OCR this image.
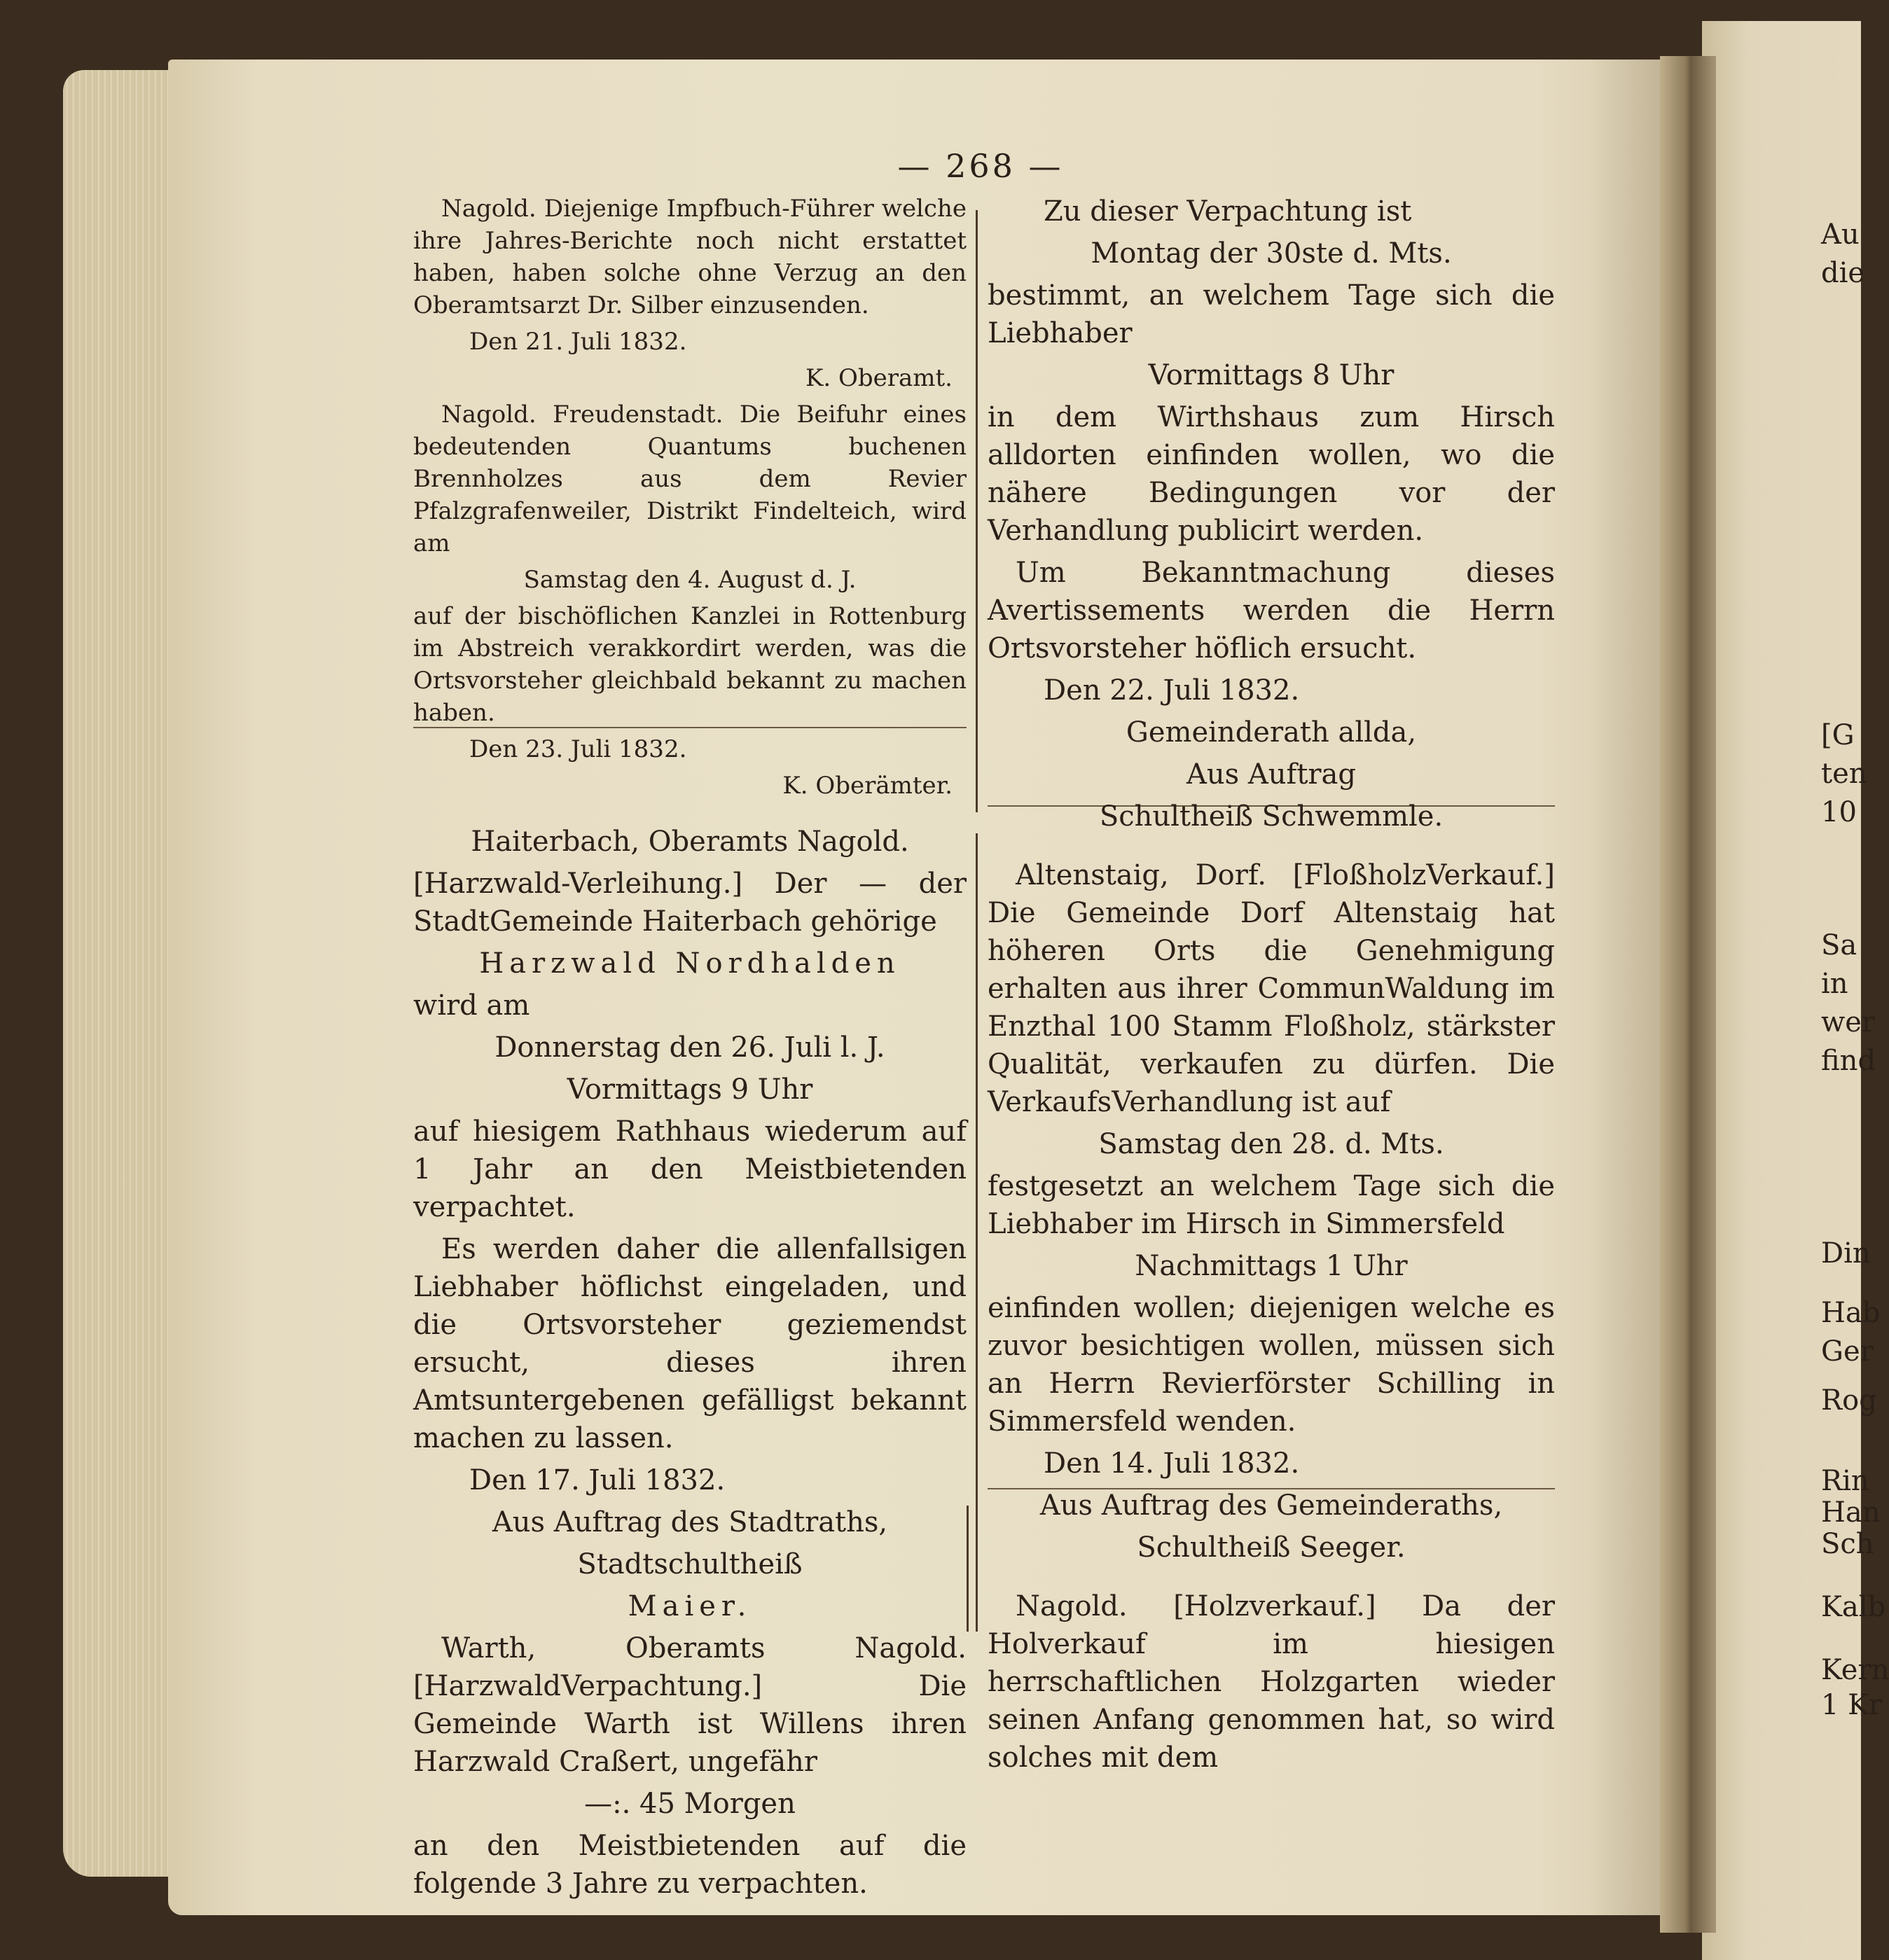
— 268 —

Nagold. Diejenige Impfbuch-Führer welche ihre Jahres-Berichte noch nicht erstattet haben, haben solche ohne Verzug an den Oberamtsarzt Dr. Silber einzusenden.

Den 21. Juli 1832.

K. Oberamt.

Nagold. Freudenstadt. Die Beifuhr eines bedeutenden Quantums buchenen Brennholzes aus dem Revier Pfalzgrafenweiler, Distrikt Findelteich, wird am

Samstag den 4. August d. J.

auf der bischöflichen Kanzlei in Rottenburg im Abstreich verakkordirt werden, was die Ortsvorsteher gleichbald bekannt zu machen haben.

Den 23. Juli 1832.

K. Oberämter.

Haiterbach, Oberamts Nagold.

[Harzwald-Verleihung.] Der — der StadtGemeinde Haiterbach gehörige

Harzwald Nordhalden

wird am

Donnerstag den 26. Juli l. J.

Vormittags 9 Uhr

auf hiesigem Rathhaus wiederum auf 1 Jahr an den Meistbietenden verpachtet.

Es werden daher die allenfallsigen Liebhaber höflichst eingeladen, und die Ortsvorsteher geziemendst ersucht, dieses ihren Amtsuntergebenen gefälligst bekannt machen zu lassen.

Den 17. Juli 1832.

Aus Auftrag des Stadtraths,

Stadtschultheiß

Maier.

Warth, Oberamts Nagold. [HarzwaldVerpachtung.] Die Gemeinde Warth ist Willens ihren Harzwald Craßert, ungefähr

—:. 45 Morgen

an den Meistbietenden auf die folgende 3 Jahre zu verpachten.

Zu dieser Verpachtung ist

Montag der 30ste d. Mts.

bestimmt, an welchem Tage sich die Liebhaber

Vormittags 8 Uhr

in dem Wirthshaus zum Hirsch alldorten einfinden wollen, wo die nähere Bedingungen vor der Verhandlung publicirt werden.

Um Bekanntmachung dieses Avertissements werden die Herrn Ortsvorsteher höflich ersucht.

Den 22. Juli 1832.

Gemeinderath allda,

Aus Auftrag

Schultheiß Schwemmle.

Altenstaig, Dorf. [FloßholzVerkauf.] Die Gemeinde Dorf Altenstaig hat höheren Orts die Genehmigung erhalten aus ihrer CommunWaldung im Enzthal 100 Stamm Floßholz, stärkster Qualität, verkaufen zu dürfen. Die VerkaufsVerhandlung ist auf

Samstag den 28. d. Mts.

festgesetzt an welchem Tage sich die Liebhaber im Hirsch in Simmersfeld

Nachmittags 1 Uhr

einfinden wollen; diejenigen welche es zuvor besichtigen wollen, müssen sich an Herrn Revierförster Schilling in Simmersfeld wenden.

Den 14. Juli 1832.

Aus Auftrag des Gemeinderaths,

Schultheiß Seeger.

Nagold. [Holzverkauf.] Da der Holverkauf im hiesigen herrschaftlichen Holzgarten wieder seinen Anfang genommen hat, so wird solches mit dem

Au
die
[G
ten
10
Sa
in
wer
find
Din
Hab
Ger
Rog
Rin
Han
Sch
Kalb
Kern
1 Kr
